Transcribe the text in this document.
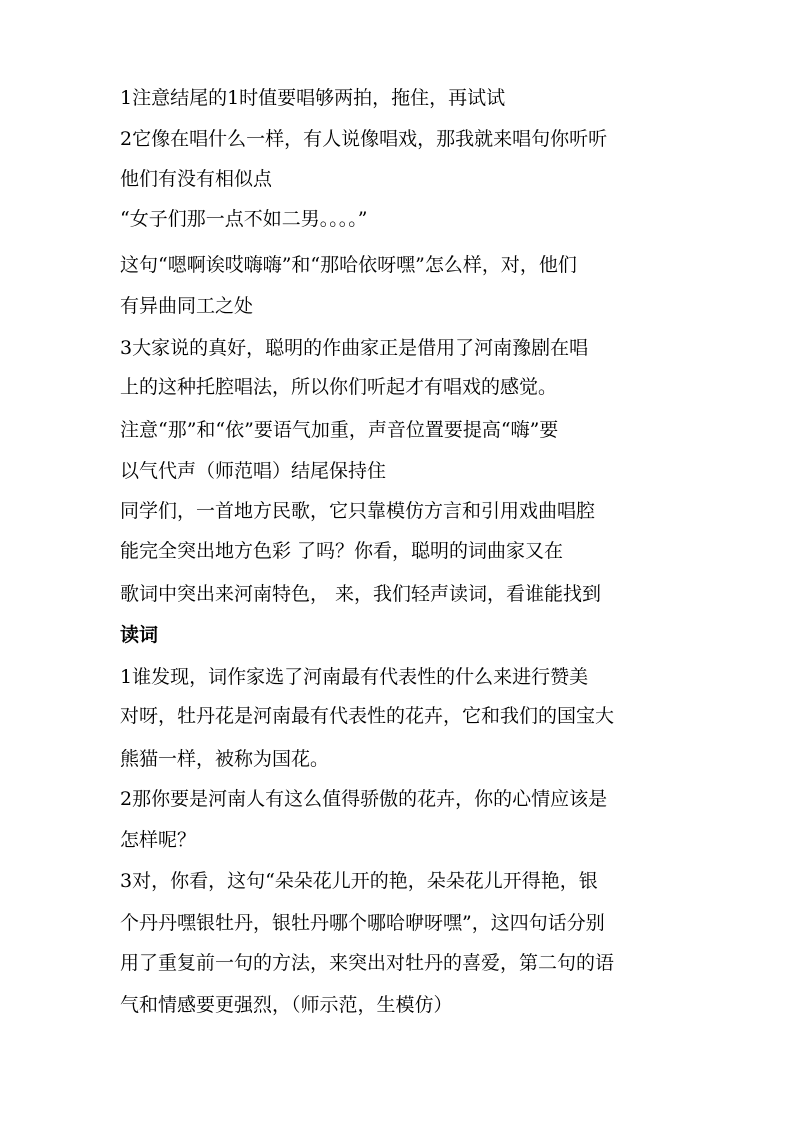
1注意结尾的1时值要唱够两拍，拖住，再试试
2它像在唱什么一样，有人说像唱戏，那我就来唱句你听听
他们有没有相似点
“女子们那一点不如二男。。。。”
这句“嗯啊诶哎嗨嗨”和“那哈依呀嘿”怎么样，对，他们
有异曲同工之处
3大家说的真好，聪明的作曲家正是借用了河南豫剧在唱
上的这种托腔唱法，所以你们听起才有唱戏的感觉。
注意“那”和“依”要语气加重，声音位置要提高“嗨”要
以气代声（师范唱）结尾保持住
同学们，一首地方民歌，它只靠模仿方言和引用戏曲唱腔
能完全突出地方色彩 了吗？你看，聪明的词曲家又在
歌词中突出来河南特色， 来，我们轻声读词，看谁能找到
读词
1谁发现，词作家选了河南最有代表性的什么来进行赞美
对呀，牡丹花是河南最有代表性的花卉，它和我们的国宝大
熊猫一样，被称为国花。
2那你要是河南人有这么值得骄傲的花卉，你的心情应该是
怎样呢？
3对，你看，这句“朵朵花儿开的艳，朵朵花儿开得艳，银
个丹丹嘿银牡丹，银牡丹哪个哪哈咿呀嘿”，这四句话分别
用了重复前一句的方法，来突出对牡丹的喜爱，第二句的语
气和情感要更强烈，（师示范，生模仿）
